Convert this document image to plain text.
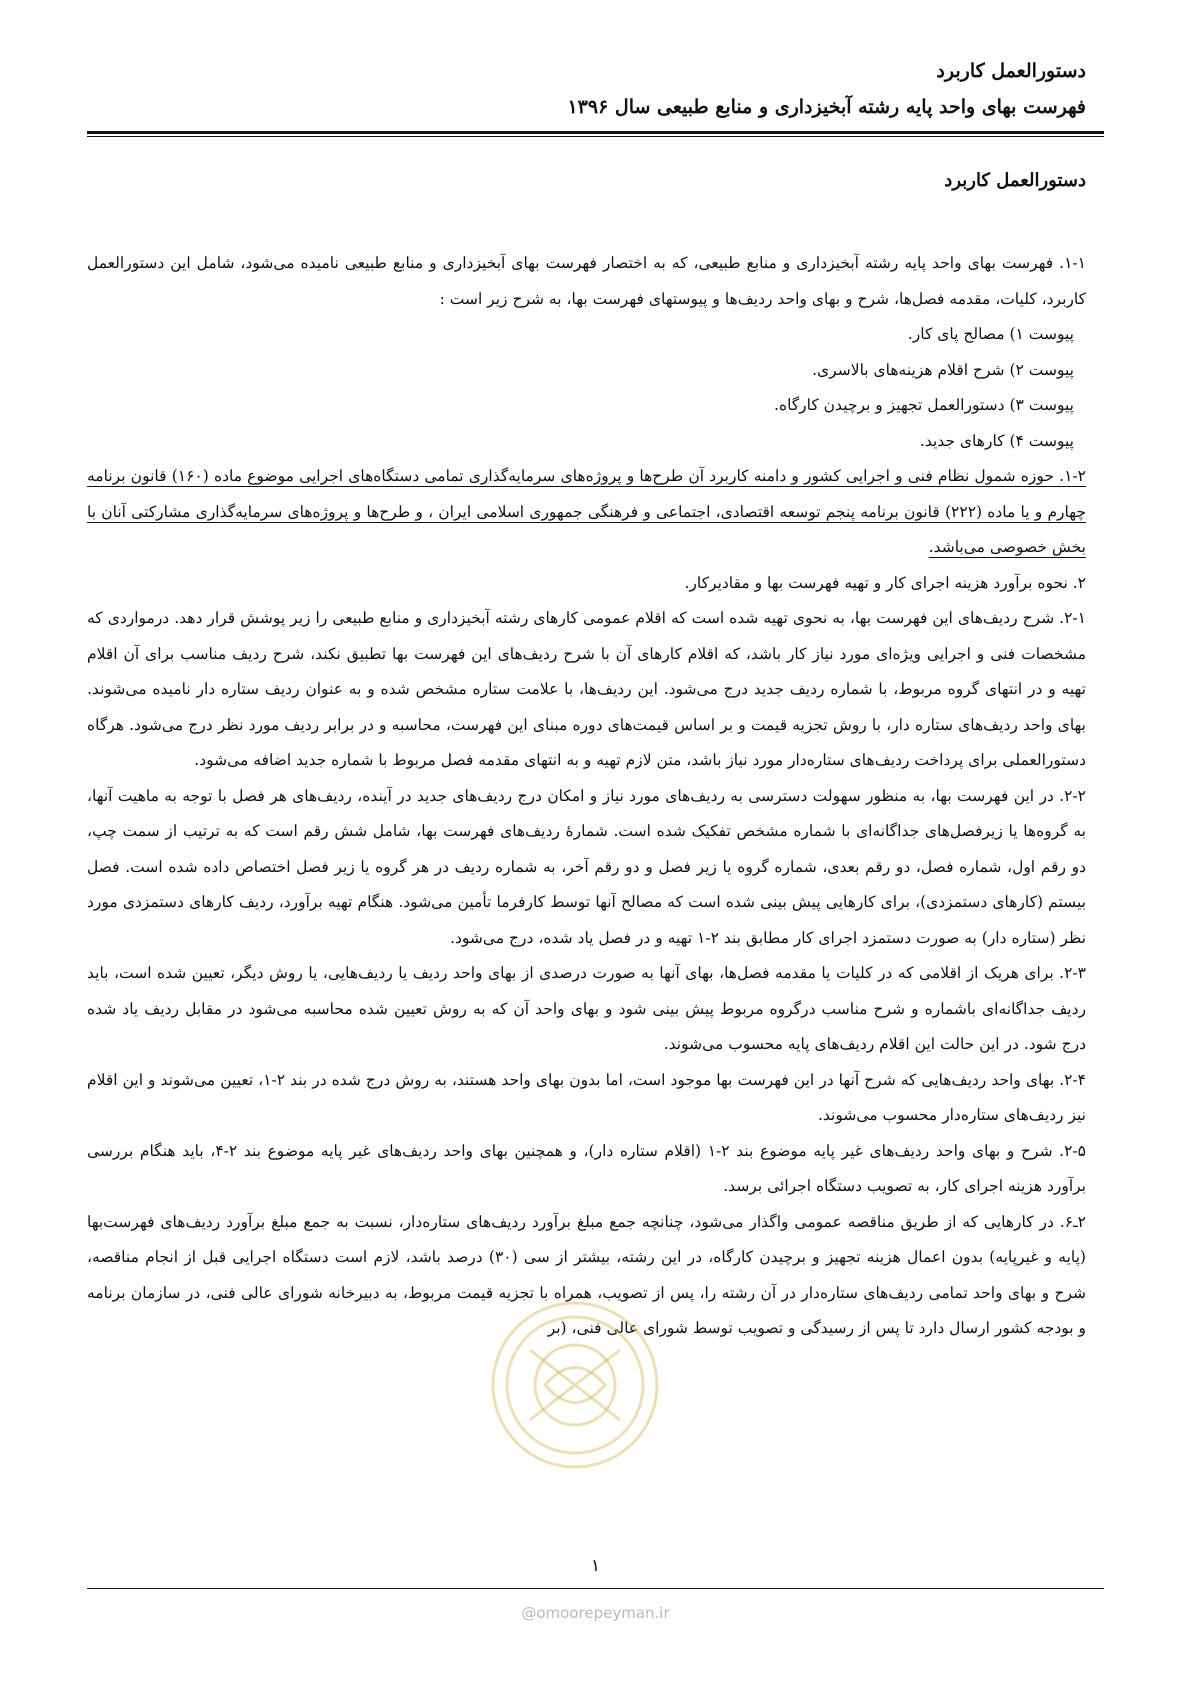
دستورالعمل کاربرد
فهرست بهای واحد پایه رشته آبخیزداری و منابع طبیعی سال ۱۳۹۶
دستورالعمل کاربرد

۱-۱. فهرست بهای واحد پایه رشته آبخیزداری و منابع طبیعی، که به اختصار فهرست بهای آبخیزداری و منابع طبیعی نامیده می‌شود، شامل این دستورالعمل کاربرد، کلیات، مقدمه فصل‌ها، شرح و بهای واحد ردیف‌ها و پیوستهای فهرست بها، به شرح زیر است :

پیوست ۱) مصالح پای کار.

پیوست ۲) شرح اقلام هزینه‌های بالاسری.

پیوست ۳) دستورالعمل تجهیز و برچیدن کارگاه.

پیوست ۴) کارهای جدید.

۱-۲. حوزه شمول نظام فنی و اجرایی کشور و دامنه کاربرد آن طرح‌ها و پروژه‌های سرمایه‌گذاری تمامی دستگاه‌های اجرایی موضوع ماده (۱۶۰) قانون برنامه چهارم و یا ماده (۲۲۲) قانون برنامه پنجم توسعه اقتصادی، اجتماعی و فرهنگی جمهوری اسلامی ایران ، و طرح‌ها و پروژه‌های سرمایه‌گذاری مشارکتی آنان با بخش خصوصی می‌باشد.

۲. نحوه برآورد هزینه اجرای کار و تهیه فهرست بها و مقادیرکار.

۲-۱. شرح ردیف‌های این فهرست بها، به نحوی تهیه شده است که اقلام عمومی کارهای رشته آبخیزداری و منابع طبیعی را زیر پوشش قرار دهد. درمواردی که مشخصات فنی و اجرایی ویژه‌ای مورد نیاز کار باشد، که اقلام کارهای آن با شرح ردیف‌های این فهرست بها تطبیق نکند، شرح ردیف مناسب برای آن اقلام تهیه و در انتهای گروه مربوط، با شماره ردیف جدید درج می‌شود. این ردیف‌ها، با علامت ستاره مشخص شده و به عنوان ردیف ستاره دار نامیده می‌شوند. بهای واحد ردیف‌های ستاره دار، با روش تجزیه قیمت و بر اساس قیمت‌های دوره مبنای این فهرست، محاسبه و در برابر ردیف مورد نظر درج می‌شود. هرگاه دستورالعملی برای پرداخت ردیف‌های ستاره‌دار مورد نیاز باشد، متن لازم تهیه و به انتهای مقدمه فصل مربوط با شماره جدید اضافه می‌شود.

۲-۲. در این فهرست بها، به منظور سهولت دسترسی به ردیف‌های مورد نیاز و امکان درج ردیف‌های جدید در آینده، ردیف‌های هر فصل با توجه به ماهیت آنها، به گروه‌ها یا زیرفصل‌های جداگانه‌ای با شماره مشخص تفکیک شده است. شمارهٔ ردیف‌های فهرست بها، شامل شش رقم است که به ترتیب از سمت چپ، دو رقم اول، شماره فصل، دو رقم بعدی، شماره گروه یا زیر فصل و دو رقم آخر، به شماره ردیف در هر گروه یا زیر فصل اختصاص داده شده است. فصل بیستم (کارهای دستمزدی)، برای کارهایی پیش بینی شده است که مصالح آنها توسط کارفرما تأمین می‌شود. هنگام تهیه برآورد، ردیف کارهای دستمزدی مورد نظر (ستاره دار) به صورت دستمزد اجرای کار مطابق بند ۲-۱ تهیه و در فصل یاد شده، درج می‌شود.

۲-۳. برای هریک از اقلامی که در کلیات یا مقدمه فصل‌ها، بهای آنها به صورت درصدی از بهای واحد ردیف یا ردیف‌هایی، یا روش دیگر، تعیین شده است، باید ردیف جداگانه‌ای باشماره و شرح مناسب درگروه مربوط پیش بینی شود و بهای واحد آن که به روش تعیین شده محاسبه می‌شود در مقابل ردیف یاد شده درج شود. در این حالت این اقلام ردیف‌های پایه محسوب می‌شوند.

۲-۴. بهای واحد ردیف‌هایی که شرح آنها در این فهرست بها موجود است، اما بدون بهای واحد هستند، به روش درج شده در بند ۲-۱، تعیین می‌شوند و این اقلام نیز ردیف‌های ستاره‌دار محسوب می‌شوند.

۲-۵. شرح و بهای واحد ردیف‌های غیر پایه موضوع بند ۲-۱ (اقلام ستاره دار)، و همچنین بهای واحد ردیف‌های غیر پایه موضوع بند ۲-۴، باید هنگام بررسی برآورد هزینه اجرای کار، به تصویب دستگاه اجرائی برسد.

۲ـ۶. در کارهایی که از طریق مناقصه عمومی واگذار می‌شود، چنانچه جمع مبلغ برآورد ردیف‌های ستاره‌دار، نسبت به جمع مبلغ برآورد ردیف‌های فهرست‌بها (پایه و غیرپایه) بدون اعمال هزینه تجهیز و برچیدن کارگاه، در این رشته، بیشتر از سی (۳۰) درصد باشد، لازم است دستگاه اجرایی قبل از انجام مناقصه، شرح و بهای واحد تمامی ردیف‌های ستاره‌دار در آن رشته را، پس از تصویب، همراه با تجزیه قیمت مربوط، به دبیرخانه شورای عالی فنی، در سازمان برنامه و بودجه کشور ارسال دارد تا پس از رسیدگی و تصویب توسط شورای عالی فنی، (بر

۱
@omoorepeyman.ir
